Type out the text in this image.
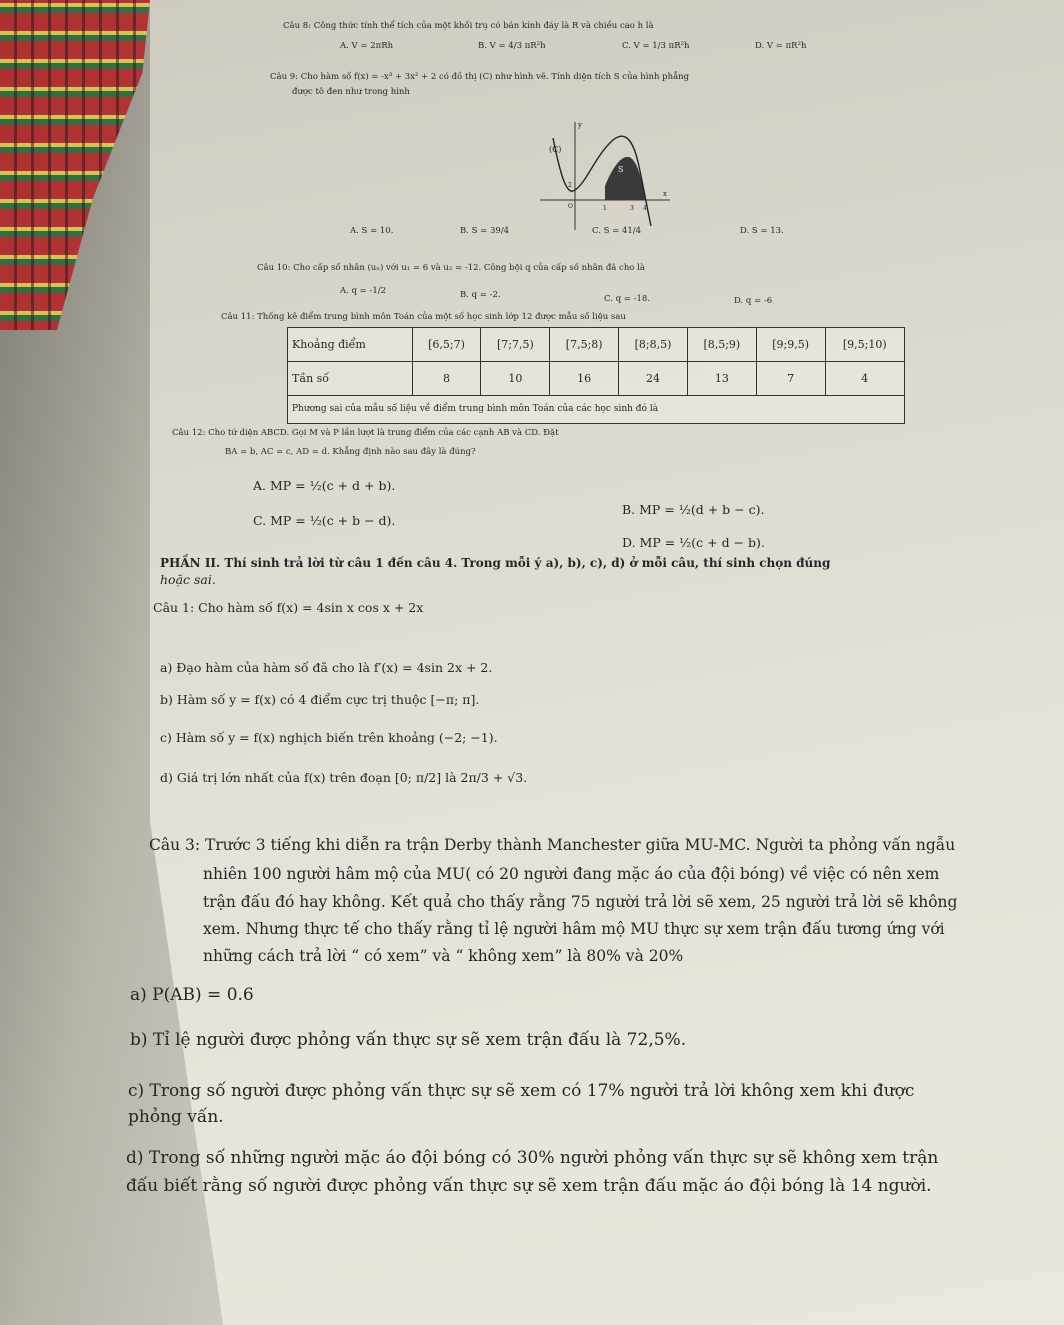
Câu 8: Công thức tính thể tích của một khối trụ có bán kính đáy là R và chiều cao h là
A. V = 2πRh	B. V = 4/3 πR²h	C. V = 1/3 πR²h	D. V = πR²h
Câu 9: Cho hàm số f(x) = -x³ + 3x² + 2 có đồ thị (C) như hình vẽ. Tính diện tích S của hình phẳng
được tô đen như trong hình
(C)
S
y
x
2
O	1	3 4
A. S = 10.	B. S = 39/4	C. S = 41/4	D. S = 13.
Câu 10: Cho cấp số nhân (uₙ) với u₁ = 6 và u₂ = -12. Công bội q của cấp số nhân đã cho là
A. q = -1/2	B. q = -2.	C. q = -18.	D. q = -6
Câu 11: Thống kê điểm trung bình môn Toán của một số học sinh lớp 12 được mẫu số liệu sau
Khoảng điểm	[6,5;7)	[7;7,5)	[7,5;8)	[8;8,5)	[8,5;9)	[9;9,5)	[9,5;10)
Tần số	8	10	16	24	13	7	4
Phương sai của mẫu số liệu về điểm trung bình môn Toán của các học sinh đó là							
Câu 12: Cho tứ diện ABCD. Gọi M và P lần lượt là trung điểm của các cạnh AB và CD. Đặt
BA = b, AC = c, AD = d. Khẳng định nào sau đây là đúng?
A. MP = ½(c + d + b).
B. MP = ½(d + b − c).
C. MP = ½(c + b − d).
D. MP = ½(c + d − b).
PHẦN II. Thí sinh trả lời từ câu 1 đến câu 4. Trong mỗi ý a), b), c), d) ở mỗi câu, thí sinh chọn đúng
hoặc sai.
Câu 1: Cho hàm số f(x) = 4sin x cos x + 2x
a) Đạo hàm của hàm số đã cho là f′(x) = 4sin 2x + 2.
b) Hàm số y = f(x) có 4 điểm cực trị thuộc [−π; π].
c) Hàm số y = f(x) nghịch biến trên khoảng (−2; −1).
d) Giá trị lớn nhất của f(x) trên đoạn [0; π/2] là 2π/3 + √3.
Câu 3: Trước 3 tiếng khi diễn ra trận Derby thành Manchester giữa MU-MC. Người ta phỏng vấn ngẫu
nhiên 100 người hâm mộ của MU( có 20 người đang mặc áo của đội bóng) về việc có nên xem
trận đấu đó hay không. Kết quả cho thấy rằng 75 người trả lời sẽ xem, 25 người trả lời sẽ không
xem. Nhưng thực tế cho thấy rằng tỉ lệ người hâm mộ MU thực sự xem trận đấu tương ứng với
những cách trả lời “ có xem” và “ không xem” là 80% và 20%
a) P(AB) = 0.6
b) Tỉ lệ người được phỏng vấn thực sự sẽ xem trận đấu là 72,5%.
c) Trong số người được phỏng vấn thực sự sẽ xem có 17% người trả lời không xem khi được
phỏng vấn.
d) Trong số những người mặc áo đội bóng có 30% người phỏng vấn thực sự sẽ không xem trận
đấu biết rằng số người được phỏng vấn thực sự sẽ xem trận đấu mặc áo đội bóng là 14 người.
